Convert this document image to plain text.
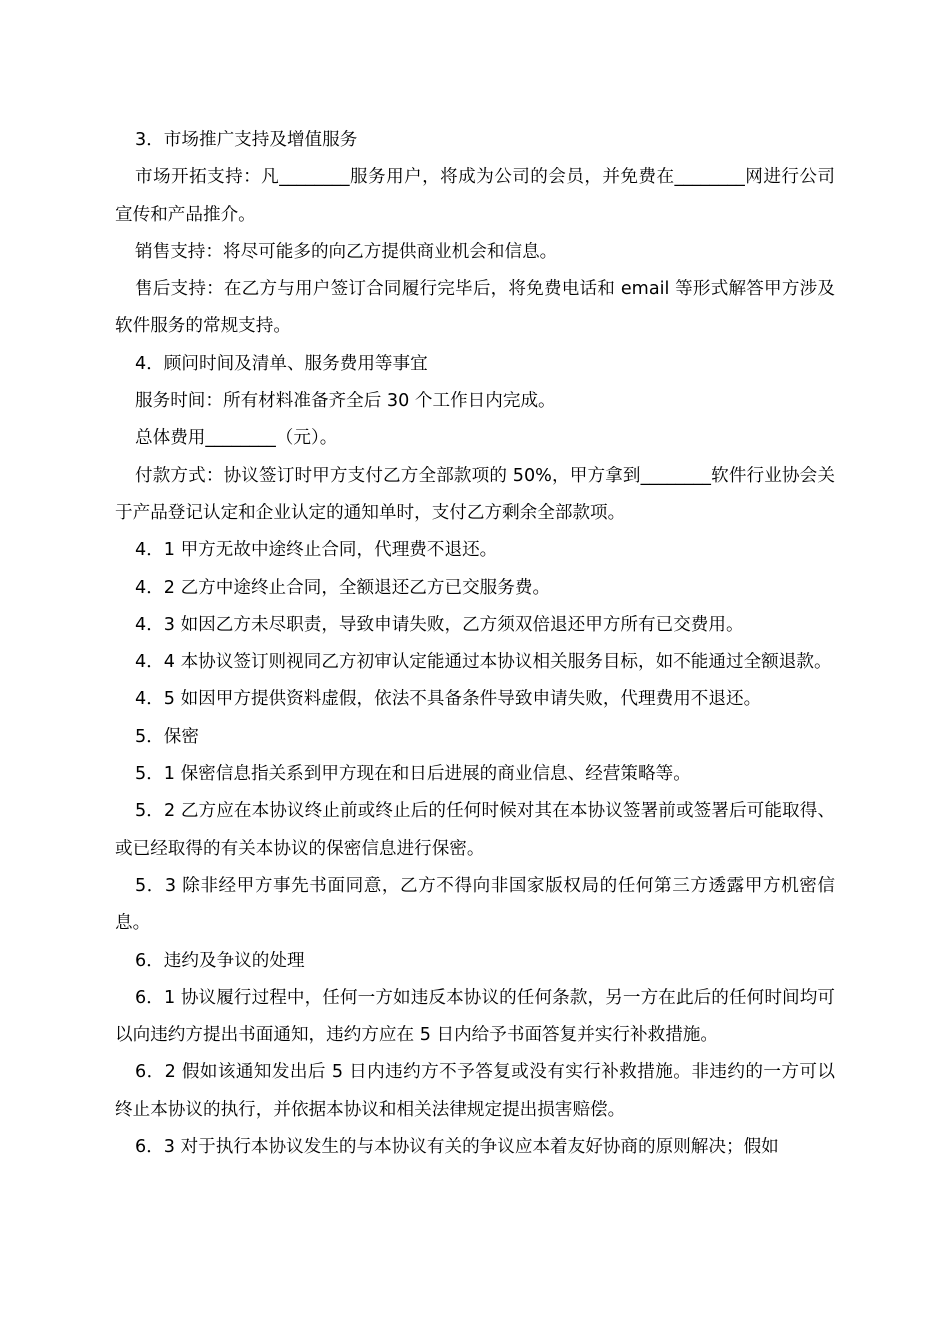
3．市场推广支持及增值服务

市场开拓支持：凡________服务用户，将成为公司的会员，并免费在________网进行公司宣传和产品推介。

销售支持：将尽可能多的向乙方提供商业机会和信息。

售后支持：在乙方与用户签订合同履行完毕后，将免费电话和 email 等形式解答甲方涉及软件服务的常规支持。

4．顾问时间及清单、服务费用等事宜

服务时间：所有材料准备齐全后 30 个工作日内完成。

总体费用________（元）。

付款方式：协议签订时甲方支付乙方全部款项的 50%，甲方拿到________软件行业协会关于产品登记认定和企业认定的通知单时，支付乙方剩余全部款项。

4．1 甲方无故中途终止合同，代理费不退还。

4．2 乙方中途终止合同，全额退还乙方已交服务费。

4．3 如因乙方未尽职责，导致申请失败，乙方须双倍退还甲方所有已交费用。

4．4 本协议签订则视同乙方初审认定能通过本协议相关服务目标，如不能通过全额退款。

4．5 如因甲方提供资料虚假，依法不具备条件导致申请失败，代理费用不退还。

5．保密

5．1 保密信息指关系到甲方现在和日后进展的商业信息、经营策略等。

5．2 乙方应在本协议终止前或终止后的任何时候对其在本协议签署前或签署后可能取得、或已经取得的有关本协议的保密信息进行保密。

5．3 除非经甲方事先书面同意，乙方不得向非国家版权局的任何第三方透露甲方机密信息。

6．违约及争议的处理

6．1 协议履行过程中，任何一方如违反本协议的任何条款，另一方在此后的任何时间均可以向违约方提出书面通知，违约方应在 5 日内给予书面答复并实行补救措施。

6．2 假如该通知发出后 5 日内违约方不予答复或没有实行补救措施。非违约的一方可以终止本协议的执行，并依据本协议和相关法律规定提出损害赔偿。

6．3 对于执行本协议发生的与本协议有关的争议应本着友好协商的原则解决；假如
